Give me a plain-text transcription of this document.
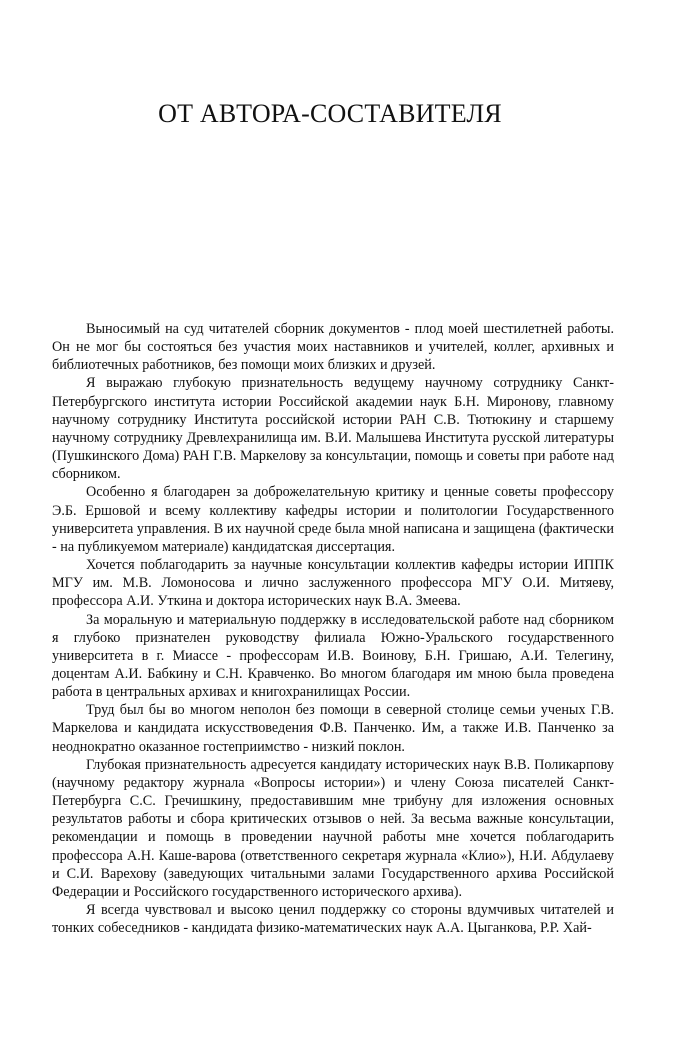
ОТ АВТОРА-СОСТАВИТЕЛЯ

Выносимый на суд читателей сборник документов - плод моей шестилетней работы. Он не мог бы состояться без участия моих наставников и учителей, коллег, архивных и библиотечных работников, без помощи моих близких и друзей.

Я выражаю глубокую признательность ведущему научному сотруднику Санкт-Петербургского института истории Российской академии наук Б.Н. Миронову, главному научному сотруднику Института российской истории РАН С.В. Тютюкину и старшему научному сотруднику Древлехранилища им. В.И. Малышева Института русской литературы (Пушкинского Дома) РАН Г.В. Маркелову за консультации, помощь и советы при работе над сборником.

Особенно я благодарен за доброжелательную критику и ценные советы профессору Э.Б. Ершовой и всему коллективу кафедры истории и политологии Государственного университета управления. В их научной среде была мной написана и защищена (фактически - на публикуемом материале) кандидатская диссертация.

Хочется поблагодарить за научные консультации коллектив кафедры истории ИППК МГУ им. М.В. Ломоносова и лично заслуженного профессора МГУ О.И. Митяеву, профессора А.И. Уткина и доктора исторических наук В.А. Змеева.

За моральную и материальную поддержку в исследовательской работе над сборником я глубоко признателен руководству филиала Южно-Уральского государственного университета в г. Миассе - профессорам И.В. Воинову, Б.Н. Гришаю, А.И. Телегину, доцентам А.И. Бабкину и С.Н. Кравченко. Во многом благодаря им мною была проведена работа в центральных архивах и книгохранилищах России.

Труд был бы во многом неполон без помощи в северной столице семьи ученых Г.В. Маркелова и кандидата искусствоведения Ф.В. Панченко. Им, а также И.В. Панченко за неоднократно оказанное гостеприимство - низкий поклон.

Глубокая признательность адресуется кандидату исторических наук В.В. Поликарпову (научному редактору журнала «Вопросы истории») и члену Союза писателей Санкт-Петербурга С.С. Гречишкину, предоставившим мне трибуну для изложения основных результатов работы и сбора критических отзывов о ней. За весьма важные консультации, рекомендации и помощь в проведении научной работы мне хочется поблагодарить профессора А.Н. Каше-варова (ответственного секретаря журнала «Клио»), Н.И. Абдулаеву и С.И. Варехову (заведующих читальными залами Государственного архива Российской Федерации и Российского государственного исторического архива).

Я всегда чувствовал и высоко ценил поддержку со стороны вдумчивых читателей и тонких собеседников - кандидата физико-математических наук А.А. Цыганкова, Р.Р. Хай-
